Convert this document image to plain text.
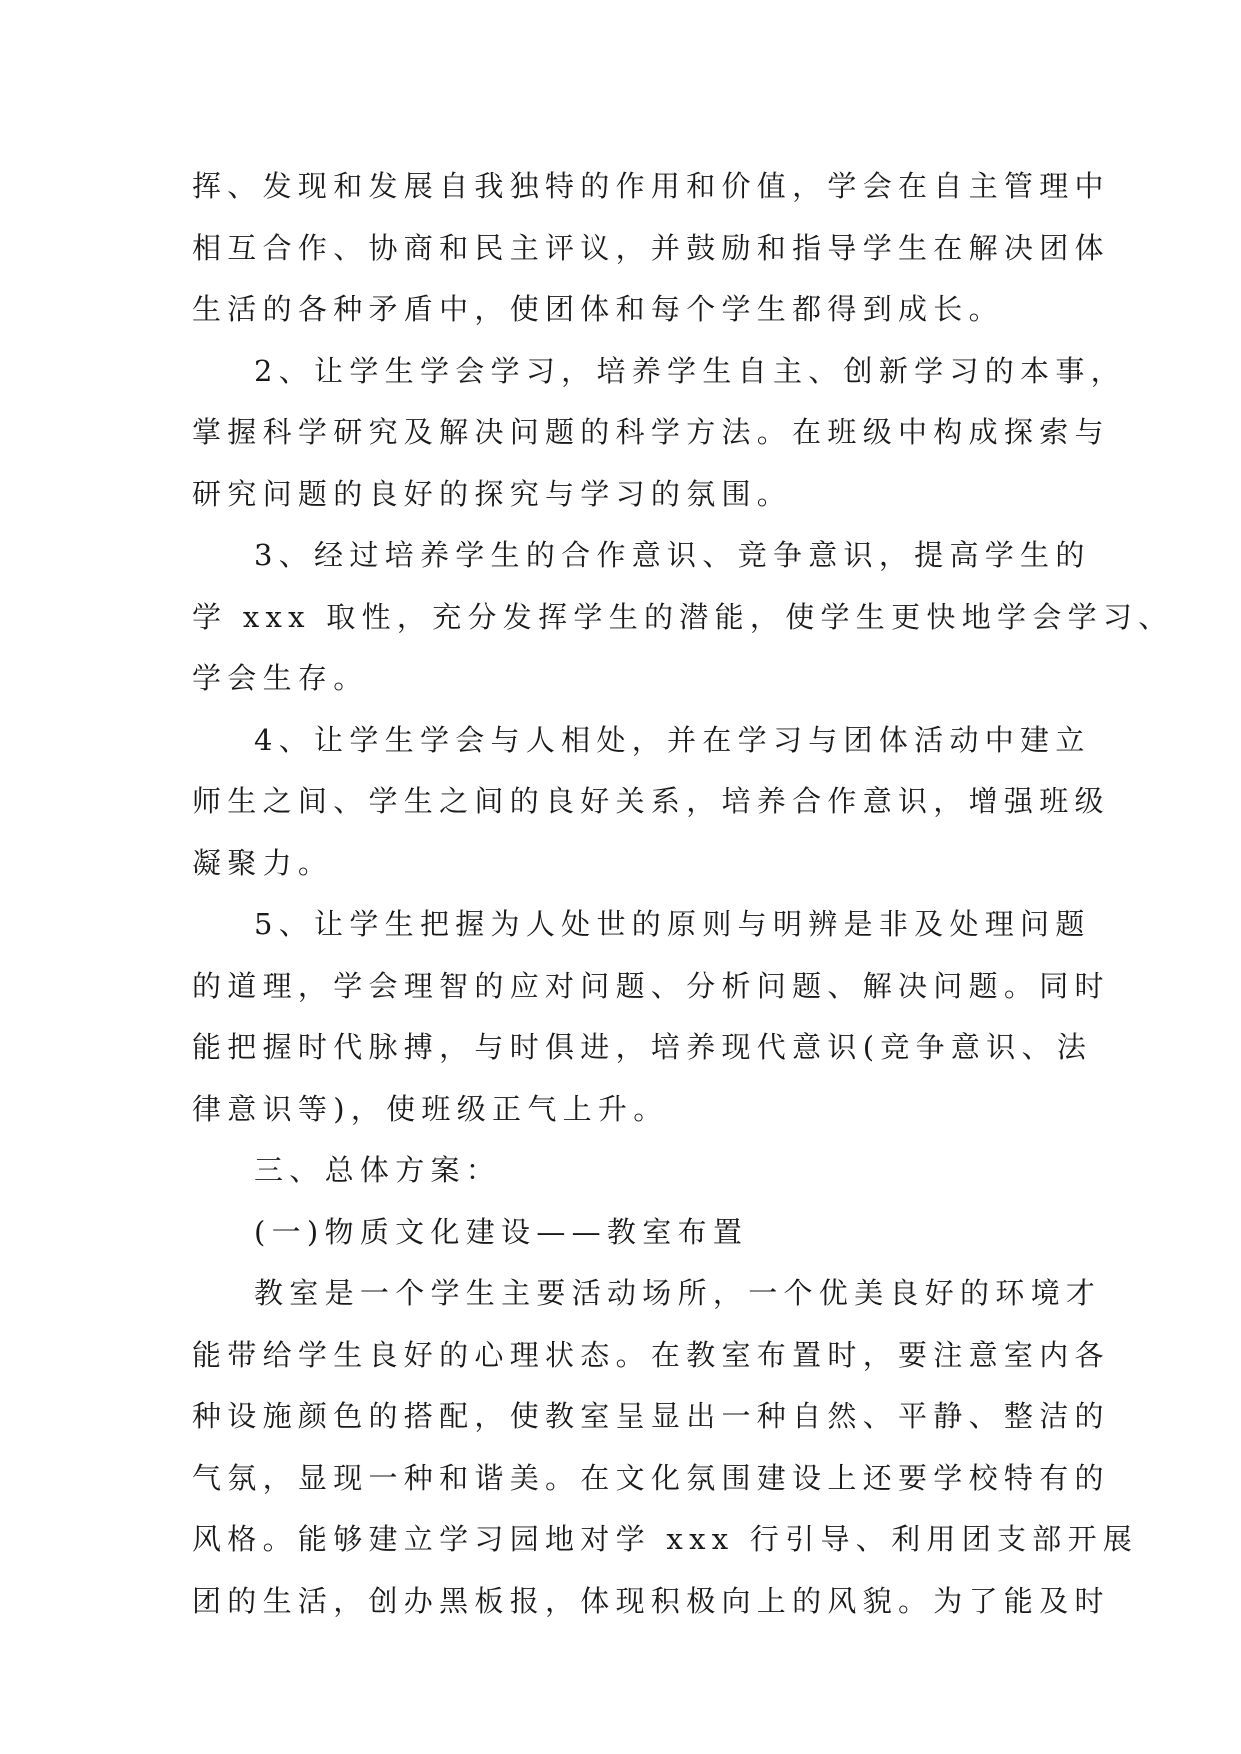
挥、发现和发展自我独特的作用和价值，学会在自主管理中
相互合作、协商和民主评议，并鼓励和指导学生在解决团体
生活的各种矛盾中，使团体和每个学生都得到成长。
2、让学生学会学习，培养学生自主、创新学习的本事，
掌握科学研究及解决问题的科学方法。在班级中构成探索与
研究问题的良好的探究与学习的氛围。
3、经过培养学生的合作意识、竞争意识，提高学生的
学 xxx 取性，充分发挥学生的潜能，使学生更快地学会学习、
学会生存。
4、让学生学会与人相处，并在学习与团体活动中建立
师生之间、学生之间的良好关系，培养合作意识，增强班级
凝聚力。
5、让学生把握为人处世的原则与明辨是非及处理问题
的道理，学会理智的应对问题、分析问题、解决问题。同时
能把握时代脉搏，与时俱进，培养现代意识(竞争意识、法
律意识等)，使班级正气上升。
三、总体方案：
(一)物质文化建设——教室布置
教室是一个学生主要活动场所，一个优美良好的环境才
能带给学生良好的心理状态。在教室布置时，要注意室内各
种设施颜色的搭配，使教室呈显出一种自然、平静、整洁的
气氛，显现一种和谐美。在文化氛围建设上还要学校特有的
风格。能够建立学习园地对学 xxx 行引导、利用团支部开展
团的生活，创办黑板报，体现积极向上的风貌。为了能及时
